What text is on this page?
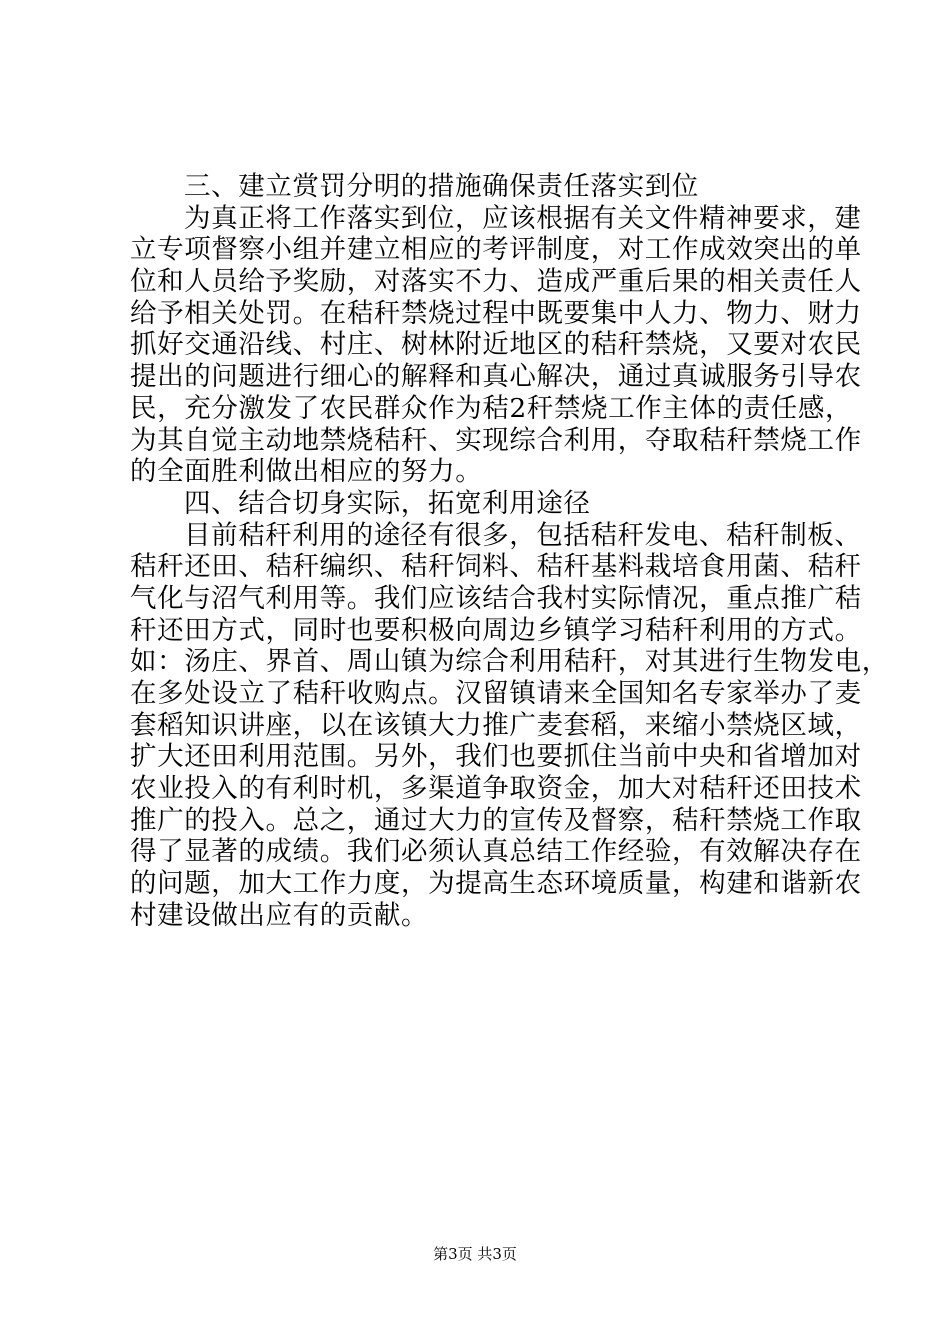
三、建立赏罚分明的措施确保责任落实到位
为真正将工作落实到位，应该根据有关文件精神要求，建
立专项督察小组并建立相应的考评制度，对工作成效突出的单
位和人员给予奖励，对落实不力、造成严重后果的相关责任人
给予相关处罚。在秸秆禁烧过程中既要集中人力、物力、财力
抓好交通沿线、村庄、树林附近地区的秸秆禁烧，又要对农民
提出的问题进行细心的解释和真心解决，通过真诚服务引导农
民，充分激发了农民群众作为秸2秆禁烧工作主体的责任感，
为其自觉主动地禁烧秸秆、实现综合利用，夺取秸秆禁烧工作
的全面胜利做出相应的努力。
四、结合切身实际，拓宽利用途径
目前秸秆利用的途径有很多，包括秸秆发电、秸秆制板、
秸秆还田、秸秆编织、秸秆饲料、秸秆基料栽培食用菌、秸秆
气化与沼气利用等。我们应该结合我村实际情况，重点推广秸
秆还田方式，同时也要积极向周边乡镇学习秸秆利用的方式。
如：汤庄、界首、周山镇为综合利用秸秆，对其进行生物发电，
在多处设立了秸秆收购点。汉留镇请来全国知名专家举办了麦
套稻知识讲座，以在该镇大力推广麦套稻，来缩小禁烧区域，
扩大还田利用范围。另外，我们也要抓住当前中央和省增加对
农业投入的有利时机，多渠道争取资金，加大对秸秆还田技术
推广的投入。总之，通过大力的宣传及督察，秸秆禁烧工作取
得了显著的成绩。我们必须认真总结工作经验，有效解决存在
的问题，加大工作力度，为提高生态环境质量，构建和谐新农
村建设做出应有的贡献。
第3页 共3页
